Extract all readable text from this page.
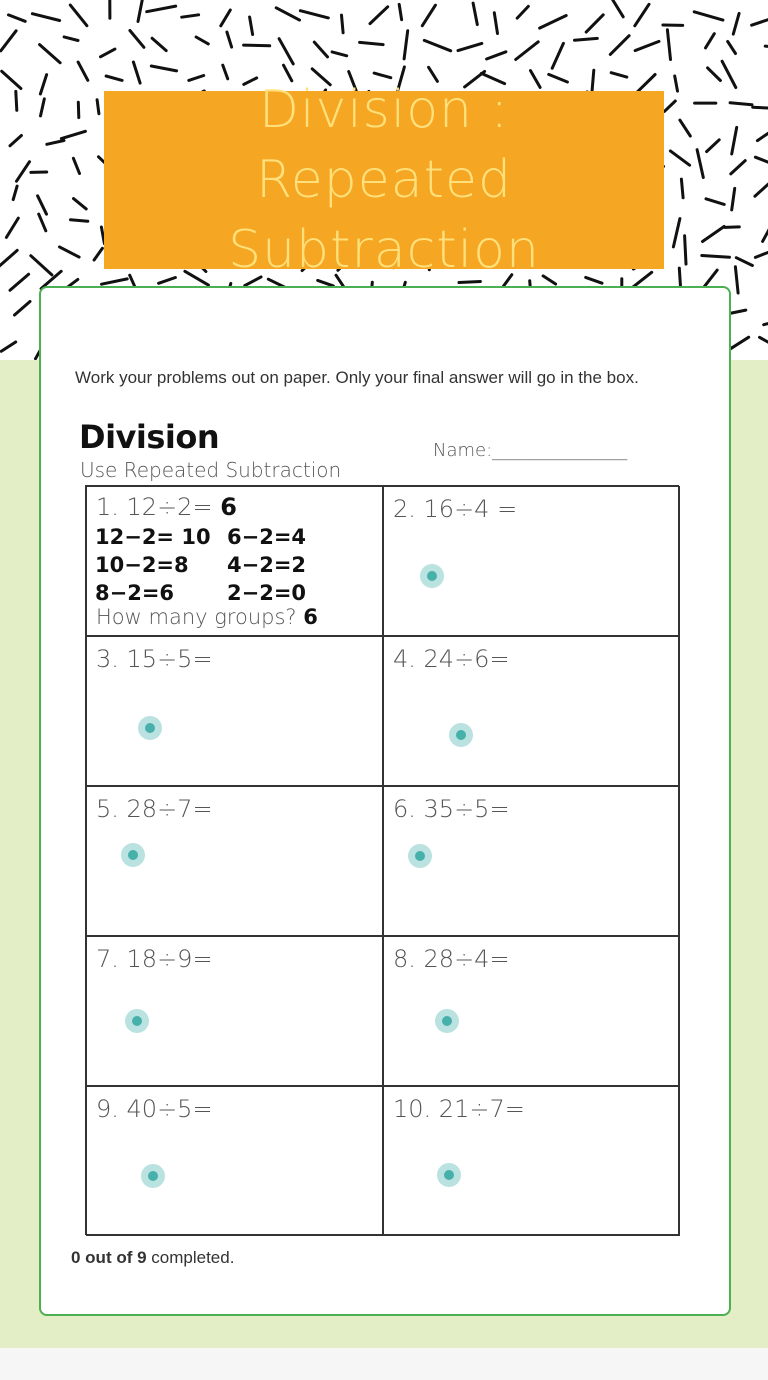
Division : Repeated Subtraction
Work your problems out on paper. Only your final answer will go in the box.
Division
Use Repeated Subtraction
Name:_______________
1. 12÷2= 6
12−2= 10 6−2=4
10−2=8 4−2=2
8−2=6	2−2=0
How many groups? 6
2. 16÷4 =
3. 15÷5=	4. 24÷6=
5. 28÷7=	6. 35÷5=
7. 18÷9=	8. 28÷4=
9. 40÷5=	10. 21÷7=
0 out of 9 completed.
